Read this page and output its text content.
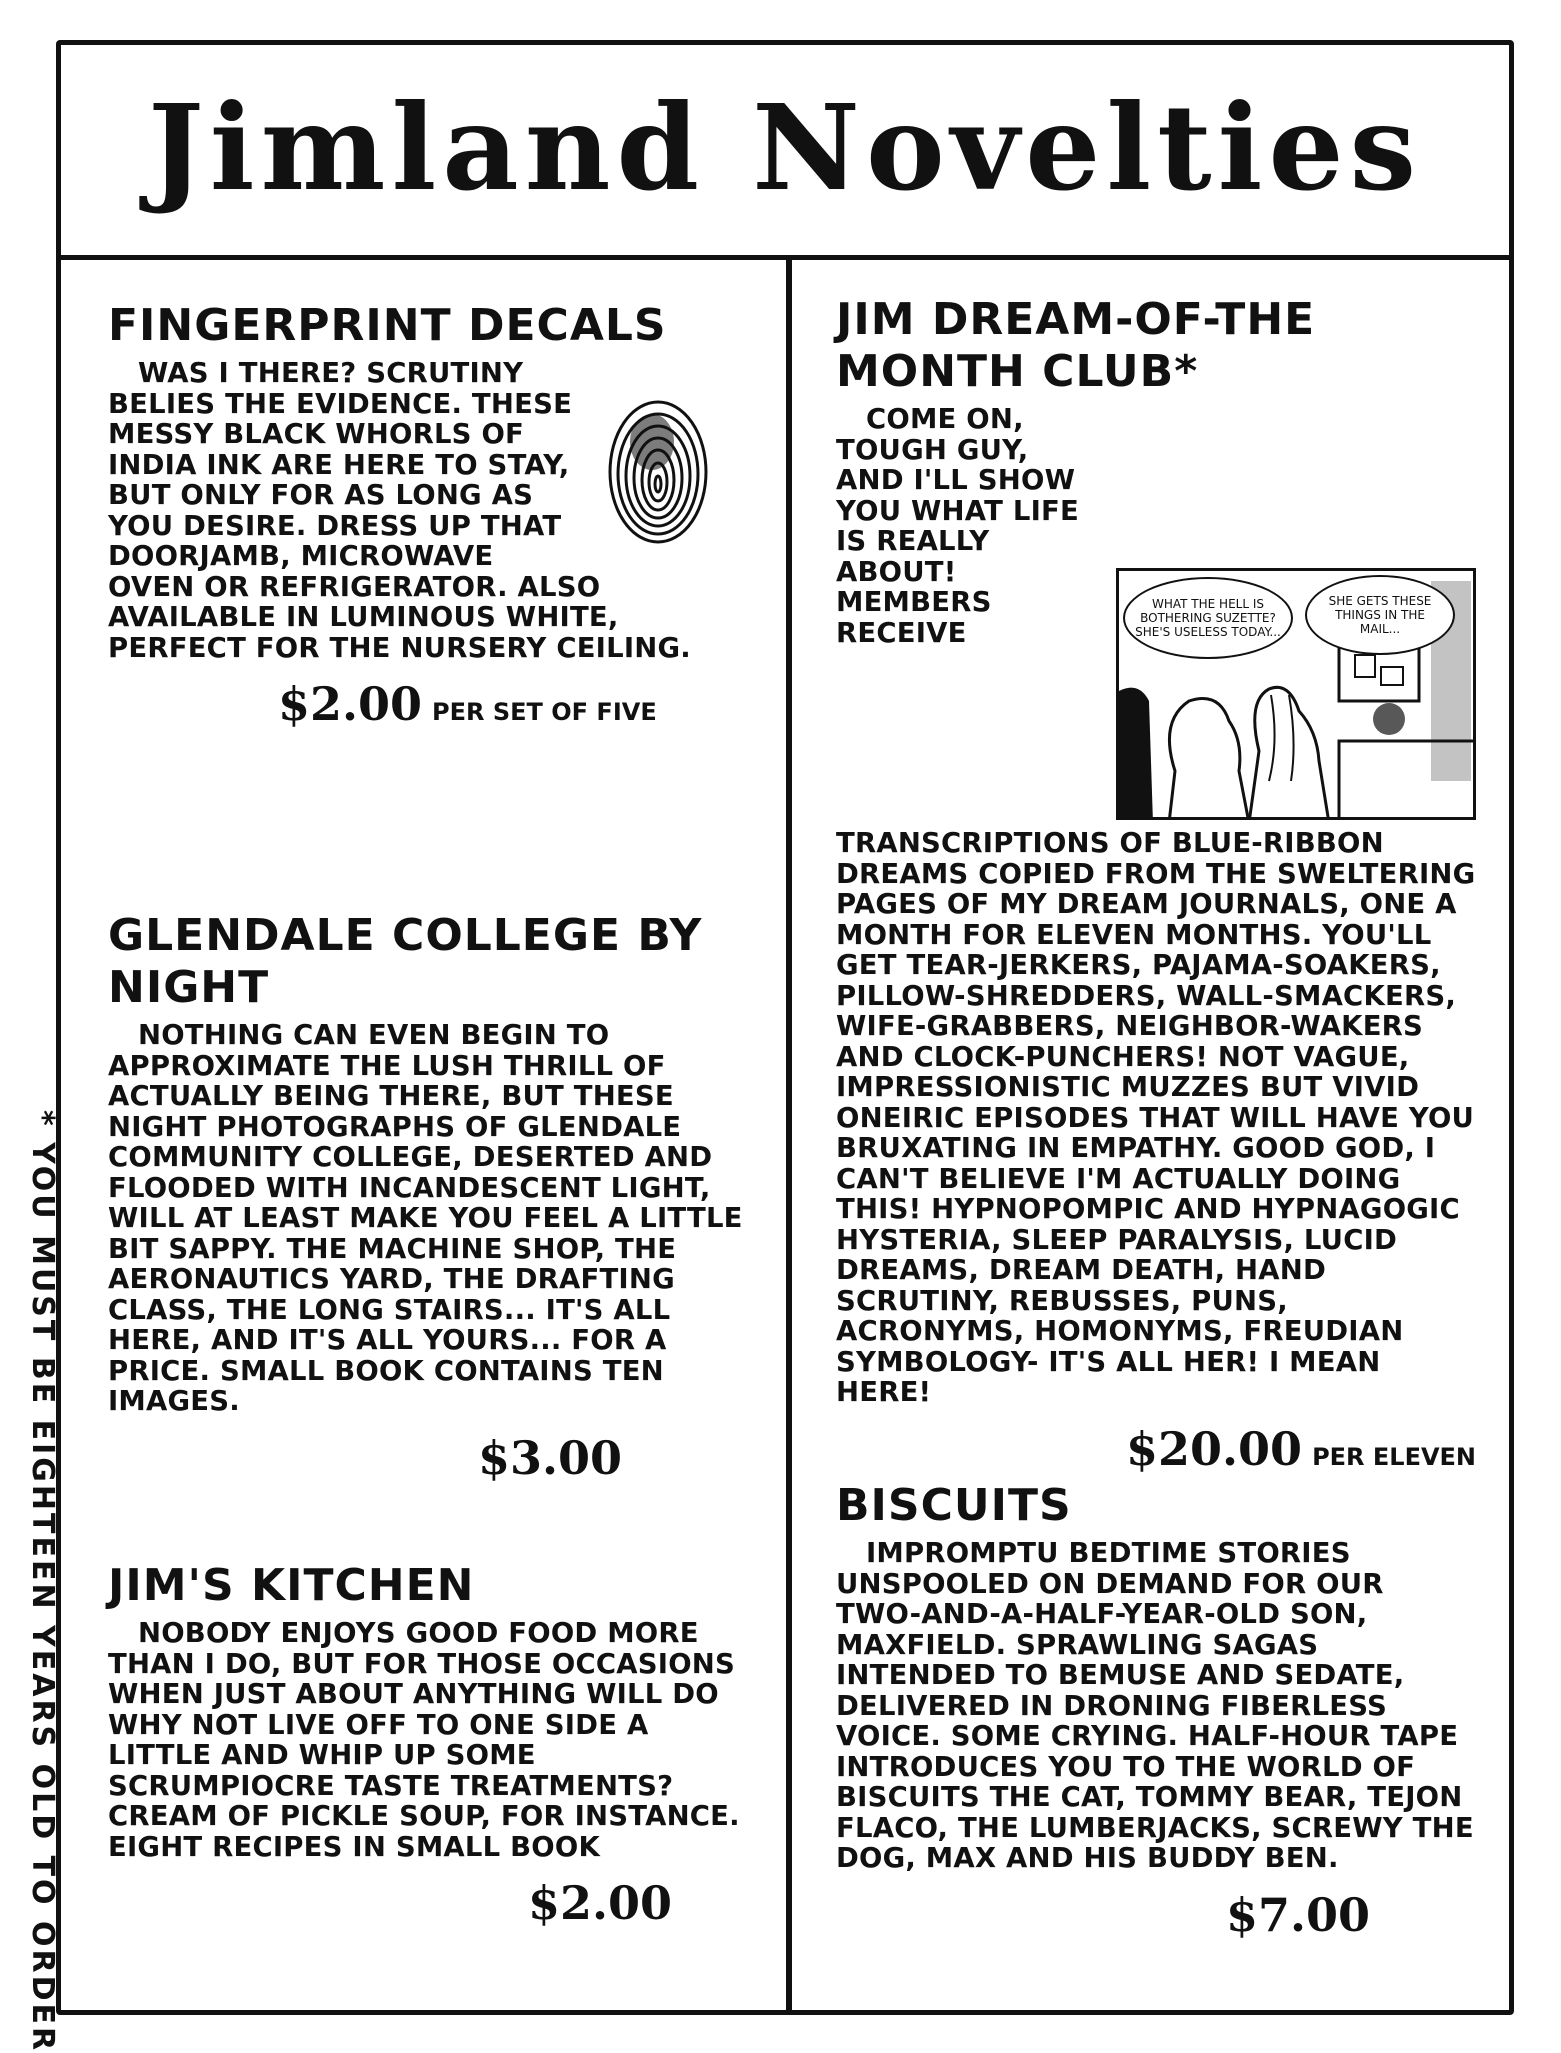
Jimland Novelties
* YOU MUST BE EIGHTEEN YEARS OLD TO ORDER
FINGERPRINT DECALS

WAS I THERE? SCRUTINY BELIES THE EVIDENCE. THESE MESSY BLACK WHORLS OF INDIA INK ARE HERE TO STAY, BUT ONLY FOR AS LONG AS YOU DESIRE. DRESS UP THAT DOORJAMB, MICROWAVE OVEN OR REFRIGERATOR. ALSO AVAILABLE IN LUMINOUS WHITE, PERFECT FOR THE NURSERY CEILING.

$2.00 PER SET OF FIVE
GLENDALE COLLEGE BY NIGHT

NOTHING CAN EVEN BEGIN TO APPROXIMATE THE LUSH THRILL OF ACTUALLY BEING THERE, BUT THESE NIGHT PHOTOGRAPHS OF GLENDALE COMMUNITY COLLEGE, DESERTED AND FLOODED WITH INCANDESCENT LIGHT, WILL AT LEAST MAKE YOU FEEL A LITTLE BIT SAPPY. THE MACHINE SHOP, THE AERONAUTICS YARD, THE DRAFTING CLASS, THE LONG STAIRS... IT'S ALL HERE, AND IT'S ALL YOURS... FOR A PRICE. SMALL BOOK CONTAINS TEN IMAGES.

$3.00
JIM'S KITCHEN

NOBODY ENJOYS GOOD FOOD MORE THAN I DO, BUT FOR THOSE OCCASIONS WHEN JUST ABOUT ANYTHING WILL DO WHY NOT LIVE OFF TO ONE SIDE A LITTLE AND WHIP UP SOME SCRUMPIOCRE TASTE TREATMENTS? CREAM OF PICKLE SOUP, FOR INSTANCE. EIGHT RECIPES IN SMALL BOOK

$2.00
JIM DREAM-OF-THE MONTH CLUB*
WHAT THE HELL IS BOTHERING SUZETTE? SHE'S USELESS TODAY...
SHE GETS THESE THINGS IN THE MAIL...

COME ON, TOUGH GUY, AND I'LL SHOW YOU WHAT LIFE IS REALLY ABOUT! MEMBERS RECEIVE TRANSCRIPTIONS OF BLUE-RIBBON DREAMS COPIED FROM THE SWELTERING PAGES OF MY DREAM JOURNALS, ONE A MONTH FOR ELEVEN MONTHS. YOU'LL GET TEAR-JERKERS, PAJAMA-SOAKERS, PILLOW-SHREDDERS, WALL-SMACKERS, WIFE-GRABBERS, NEIGHBOR-WAKERS AND CLOCK-PUNCHERS! NOT VAGUE, IMPRESSIONISTIC MUZZES BUT VIVID ONEIRIC EPISODES THAT WILL HAVE YOU BRUXATING IN EMPATHY. GOOD GOD, I CAN'T BELIEVE I'M ACTUALLY DOING THIS! HYPNOPOMPIC AND HYPNAGOGIC HYSTERIA, SLEEP PARALYSIS, LUCID DREAMS, DREAM DEATH, HAND SCRUTINY, REBUSSES, PUNS, ACRONYMS, HOMONYMS, FREUDIAN SYMBOLOGY- IT'S ALL HER! I MEAN HERE!

$20.00 PER ELEVEN
BISCUITS

IMPROMPTU BEDTIME STORIES UNSPOOLED ON DEMAND FOR OUR TWO-AND-A-HALF-YEAR-OLD SON, MAXFIELD. SPRAWLING SAGAS INTENDED TO BEMUSE AND SEDATE, DELIVERED IN DRONING FIBERLESS VOICE. SOME CRYING. HALF-HOUR TAPE INTRODUCES YOU TO THE WORLD OF BISCUITS THE CAT, TOMMY BEAR, TEJON FLACO, THE LUMBERJACKS, SCREWY THE DOG, MAX AND HIS BUDDY BEN.

$7.00
